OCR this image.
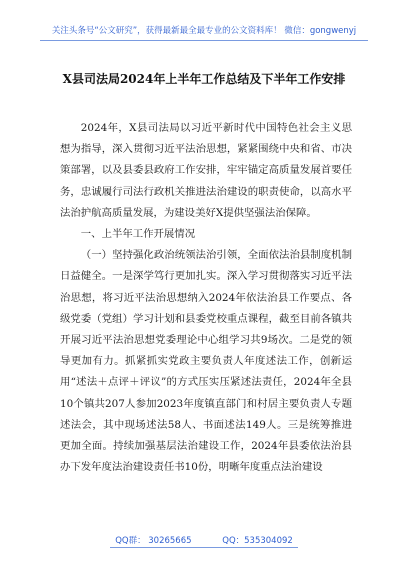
关注头条号“公文研究”，获得最新最全最专业的公文资料库！ 微信：gongwenyj
X县司法局2024年上半年工作总结及下半年工作安排

2024年，X县司法局以习近平新时代中国特色社会主义思想为指导，深入贯彻习近平法治思想，紧紧围绕中央和省、市决策部署，以及县委县政府工作安排，牢牢锚定高质量发展首要任务，忠诚履行司法行政机关推进法治建设的职责使命，以高水平法治护航高质量发展，为建设美好X提供坚强法治保障。

一、上半年工作开展情况

（一）坚持强化政治统领法治引领，全面依法治县制度机制日益健全。一是深学笃行更加扎实。深入学习贯彻落实习近平法治思想，将习近平法治思想纳入2024年依法治县工作要点、各级党委（党组）学习计划和县委党校重点课程，截至目前各镇共开展习近平法治思想党委理论中心组学习共9场次。二是党的领导更加有力。抓紧抓实党政主要负责人年度述法工作，创新运用“述法＋点评＋评议”的方式压实压紧述法责任，2024年全县10个镇共207人参加2023年度镇直部门和村居主要负责人专题述法会，其中现场述法58人、书面述法149人。三是统筹推进更加全面。持续加强基层法治建设工作，2024年县委依法治县办下发年度法治建设责任书10份，明晰年度重点法治建设

QQ群： 30265665	QQ：535304092
